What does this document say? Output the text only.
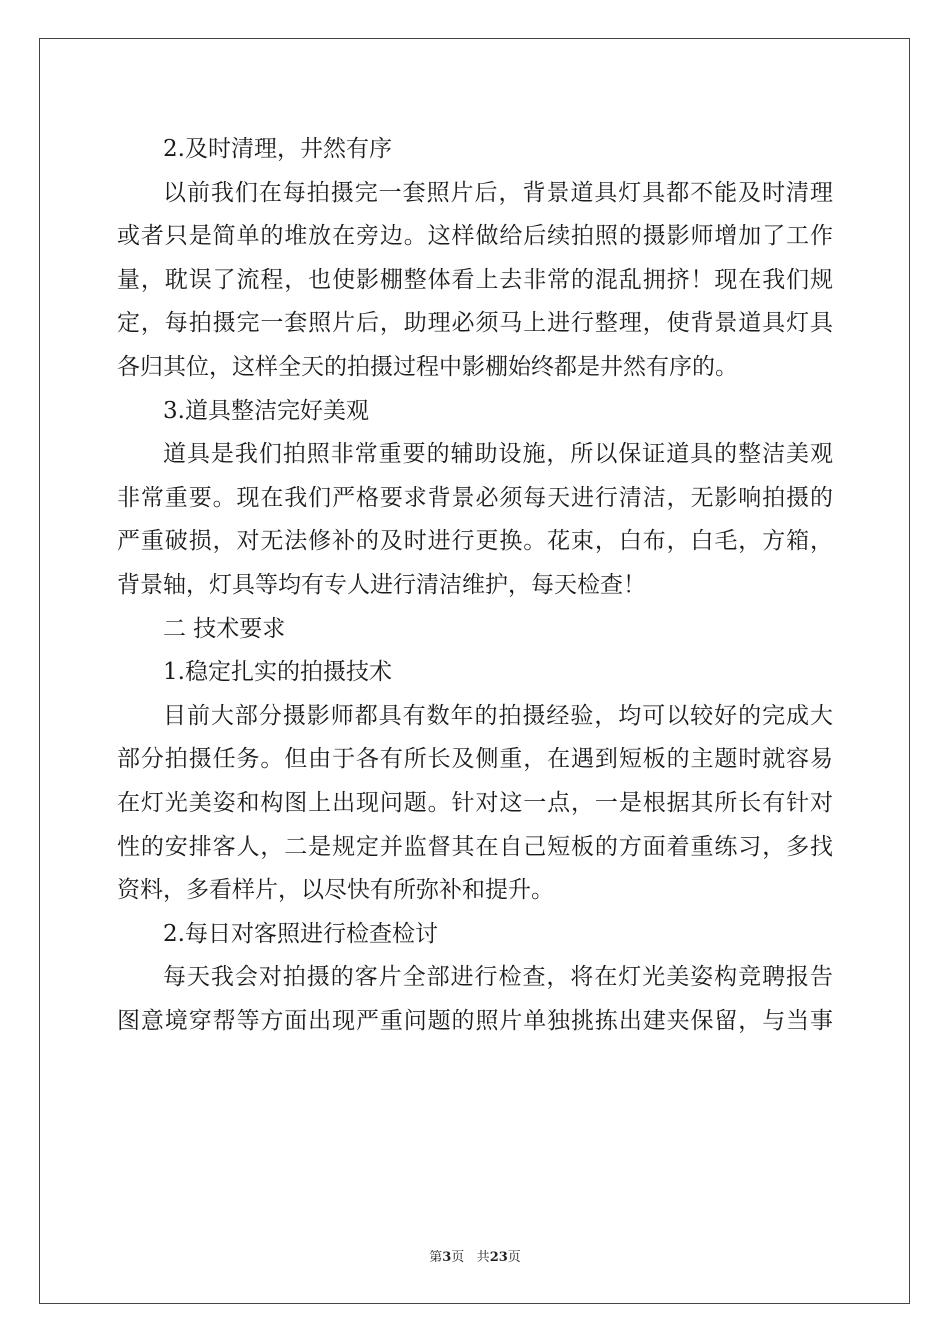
2.及时清理，井然有序
以前我们在每拍摄完一套照片后，背景道具灯具都不能及时清理
或者只是简单的堆放在旁边。这样做给后续拍照的摄影师增加了工作
量，耽误了流程，也使影棚整体看上去非常的混乱拥挤！现在我们规
定，每拍摄完一套照片后，助理必须马上进行整理，使背景道具灯具
各归其位，这样全天的拍摄过程中影棚始终都是井然有序的。
3.道具整洁完好美观
道具是我们拍照非常重要的辅助设施，所以保证道具的整洁美观
非常重要。现在我们严格要求背景必须每天进行清洁，无影响拍摄的
严重破损，对无法修补的及时进行更换。花束，白布，白毛，方箱，
背景轴，灯具等均有专人进行清洁维护，每天检查！
二 技术要求
1.稳定扎实的拍摄技术
目前大部分摄影师都具有数年的拍摄经验，均可以较好的完成大
部分拍摄任务。但由于各有所长及侧重，在遇到短板的主题时就容易
在灯光美姿和构图上出现问题。针对这一点，一是根据其所长有针对
性的安排客人，二是规定并监督其在自己短板的方面着重练习，多找
资料，多看样片，以尽快有所弥补和提升。
2.每日对客照进行检查检讨
每天我会对拍摄的客片全部进行检查，将在灯光美姿构竞聘报告
图意境穿帮等方面出现严重问题的照片单独挑拣出建夹保留，与当事
第3页 共23页
